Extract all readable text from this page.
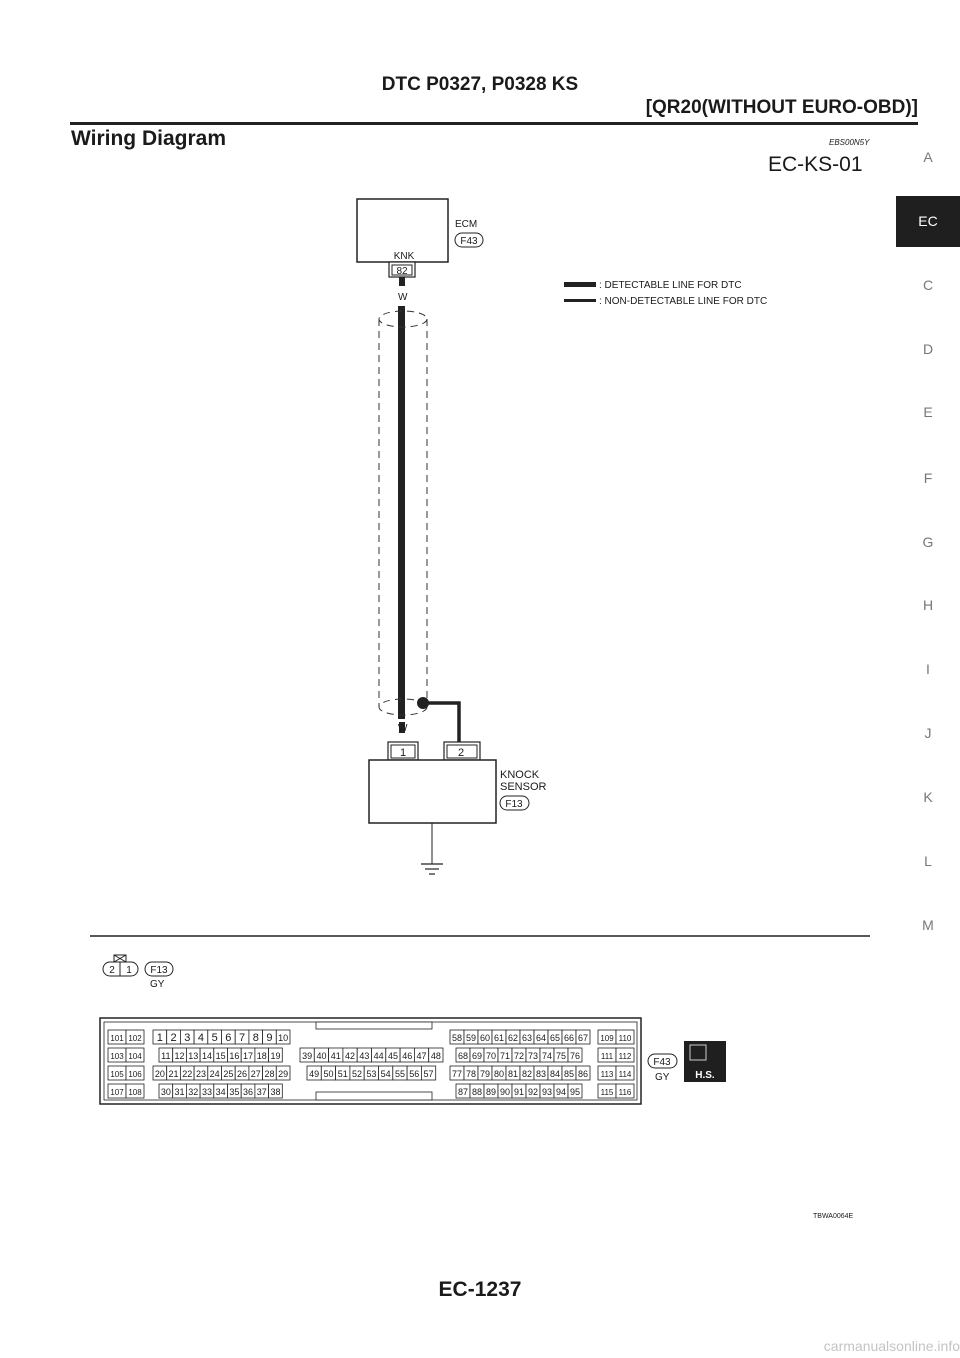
DTC P0327, P0328 KS
[QR20(WITHOUT EURO-OBD)]
Wiring Diagram	EBS00N5Y
EC-KS-01	A
EC
C
D
E
F
G
H
I
J
K
L
M
ECM
F43
KNK
82
W
W
: DETECTABLE LINE FOR DTC
: NON-DETECTABLE LINE FOR DTC
1	2
KNOCK
SENSOR
F13
2 1 F13
GY
F43
GY	H.S.
101 102
103 104
105 106
107 108
1 2 3 4 5 6 7 8 9 10
11 12 13 14 15 16 17 18 19
20 21 22 23 24 25 26 27 28 29
30 31 32 33 34 35 36 37 38
39 40 41 42 43 44 45 46 47 48
49 50 51 52 53 54 55 56 57
58 59 60 61 62 63 64 65 66 67
68 69 70 71 72 73 74 75 76
77 78 79 80 81 82 83 84 85 86
87 88 89 90 91 92 93 94 95
109 110
111 112
113 114
115 116
TBWA0064E
EC-1237
carmanualsonline.info
